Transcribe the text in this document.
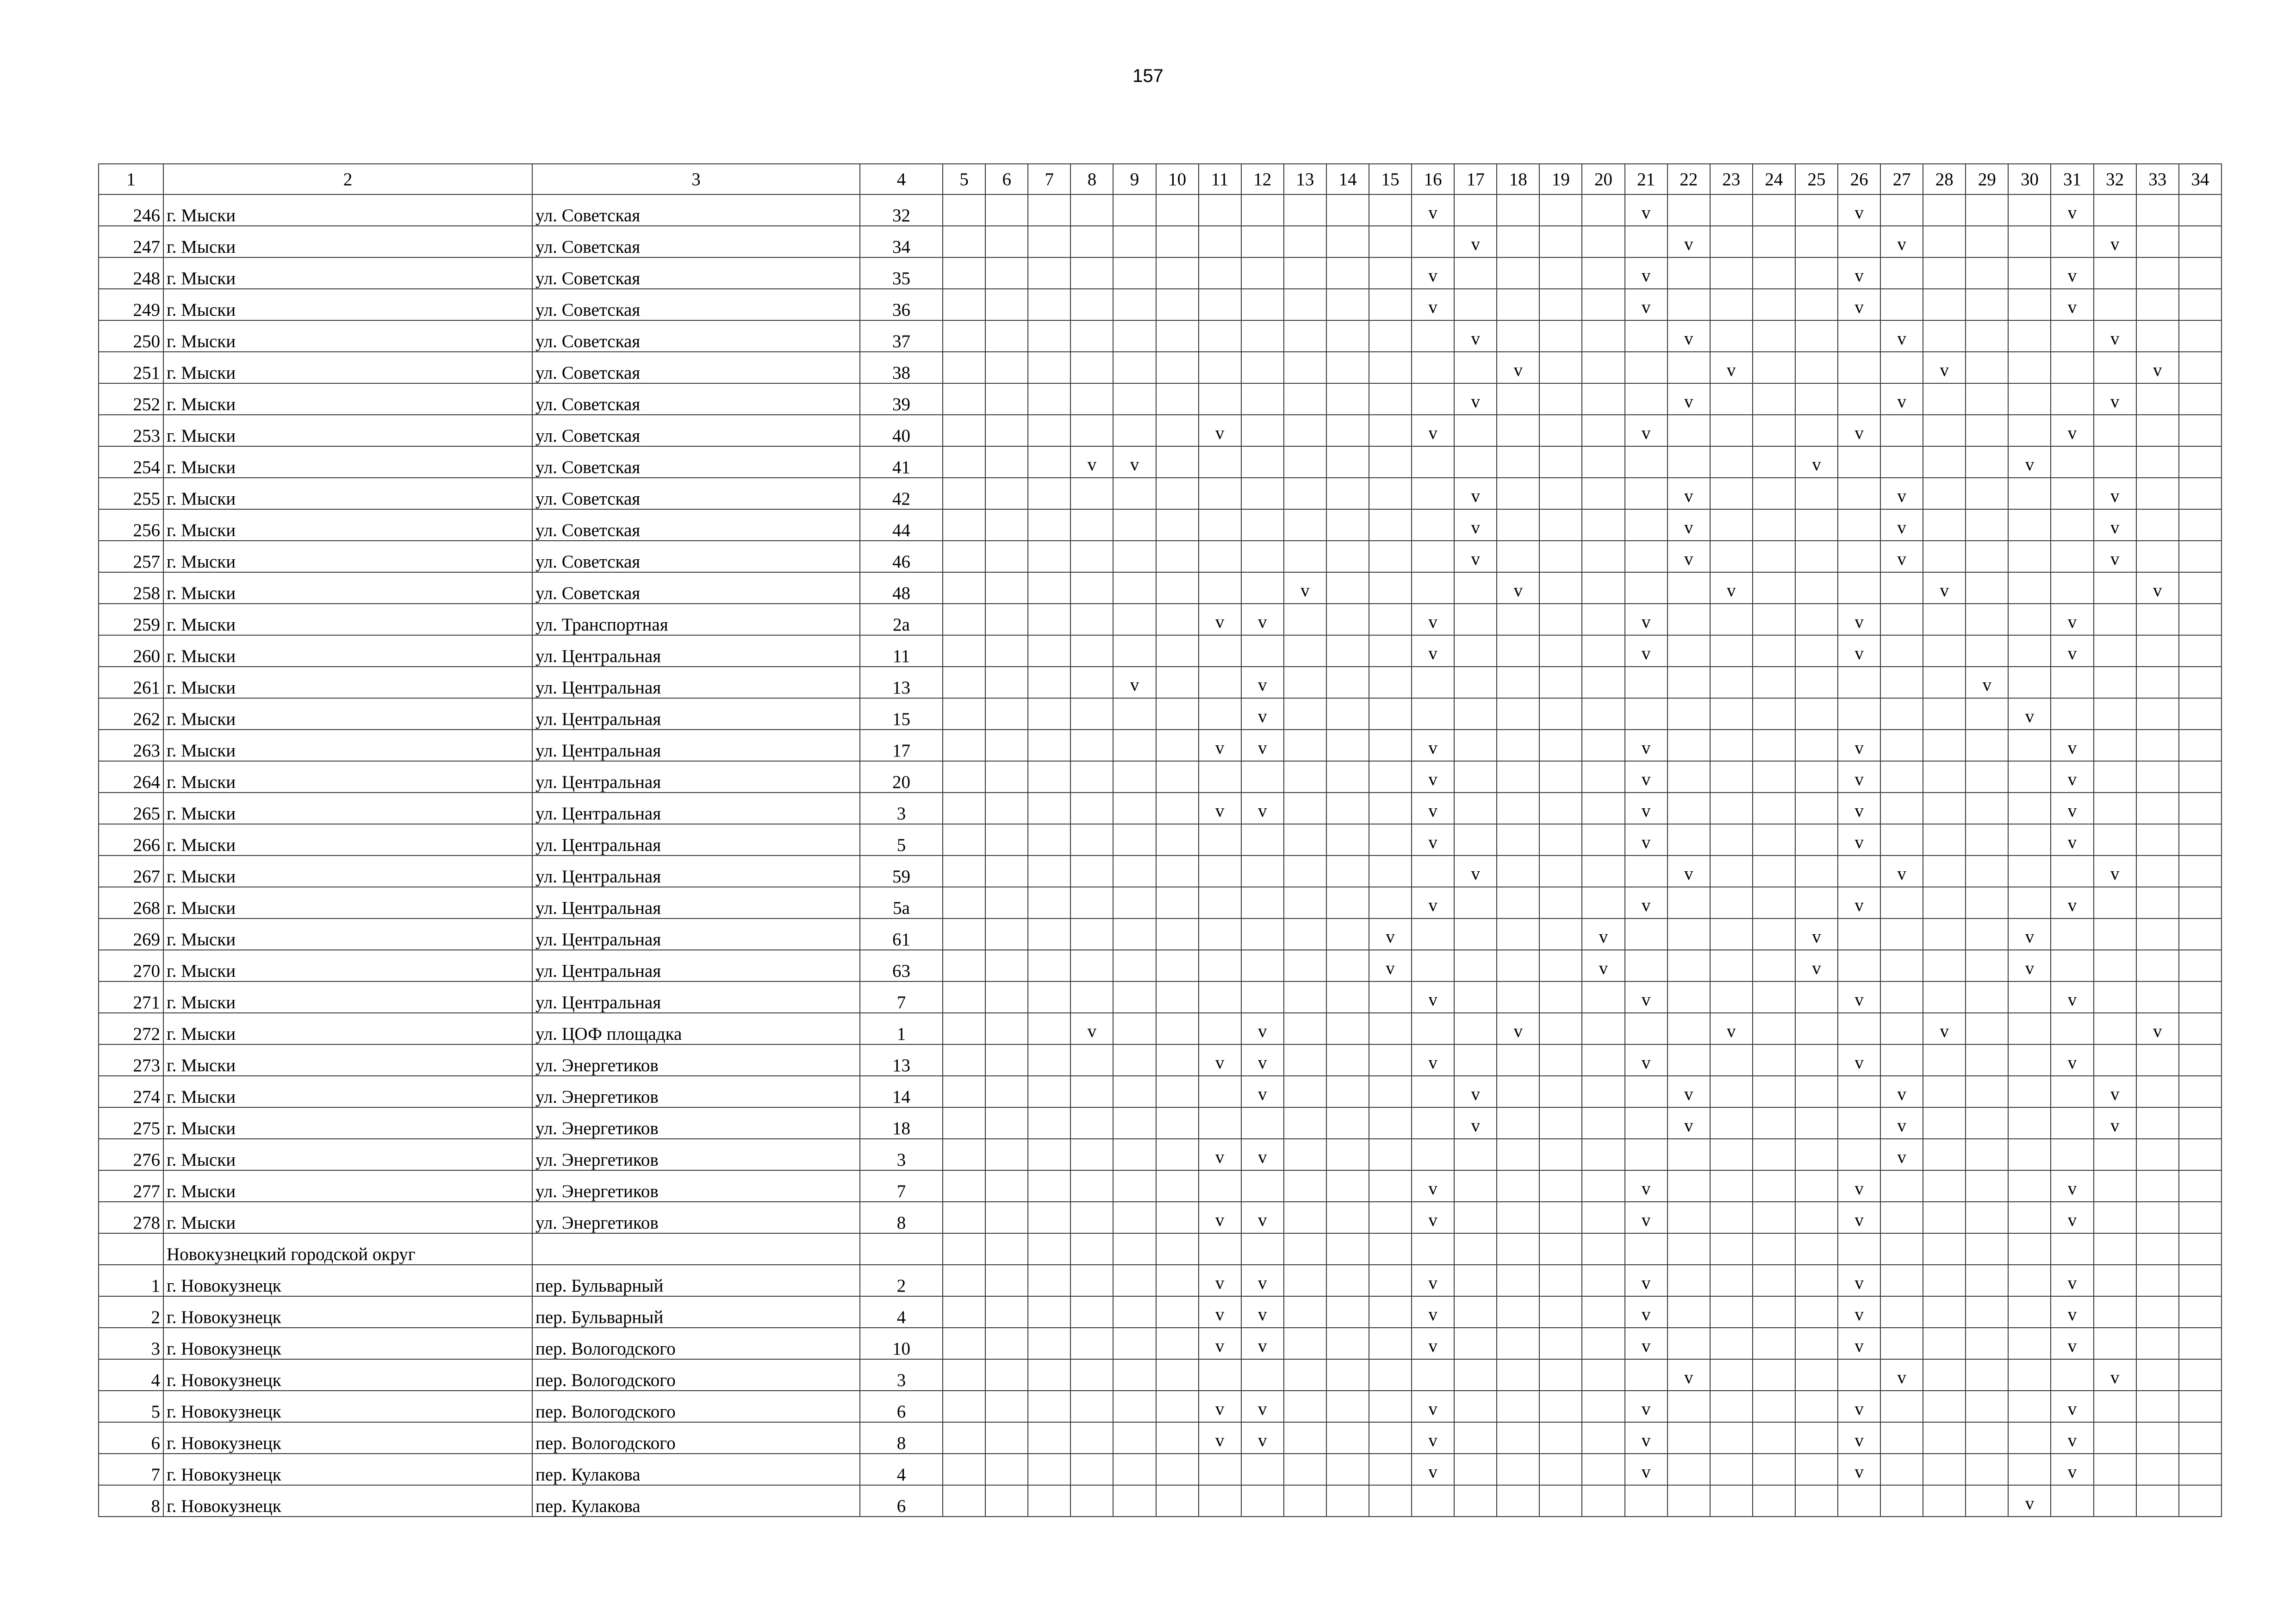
157
1	2	3	4	5	6	7	8	9	10	11	12	13	14	15	16	17	18	19	20	21	22	23	24	25	26	27	28	29	30	31	32	33	34
246	г. Мыски	ул. Советская	32												v					v					v					v			
247	г. Мыски	ул. Советская	34													v					v					v					v		
248	г. Мыски	ул. Советская	35												v					v					v					v			
249	г. Мыски	ул. Советская	36												v					v					v					v			
250	г. Мыски	ул. Советская	37													v					v					v					v		
251	г. Мыски	ул. Советская	38														v					v					v					v	
252	г. Мыски	ул. Советская	39													v					v					v					v		
253	г. Мыски	ул. Советская	40							v					v					v					v					v			
254	г. Мыски	ул. Советская	41				v	v																v					v				
255	г. Мыски	ул. Советская	42													v					v					v					v		
256	г. Мыски	ул. Советская	44													v					v					v					v		
257	г. Мыски	ул. Советская	46													v					v					v					v		
258	г. Мыски	ул. Советская	48									v					v					v					v					v	
259	г. Мыски	ул. Транспортная	2а							v	v				v					v					v					v			
260	г. Мыски	ул. Центральная	11												v					v					v					v			
261	г. Мыски	ул. Центральная	13					v			v																	v					
262	г. Мыски	ул. Центральная	15								v																		v				
263	г. Мыски	ул. Центральная	17							v	v				v					v					v					v			
264	г. Мыски	ул. Центральная	20												v					v					v					v			
265	г. Мыски	ул. Центральная	3							v	v				v					v					v					v			
266	г. Мыски	ул. Центральная	5												v					v					v					v			
267	г. Мыски	ул. Центральная	59													v					v					v					v		
268	г. Мыски	ул. Центральная	5а												v					v					v					v			
269	г. Мыски	ул. Центральная	61											v					v					v					v				
270	г. Мыски	ул. Центральная	63											v					v					v					v				
271	г. Мыски	ул. Центральная	7												v					v					v					v			
272	г. Мыски	ул. ЦОФ площадка	1				v				v						v					v					v					v	
273	г. Мыски	ул. Энергетиков	13							v	v				v					v					v					v			
274	г. Мыски	ул. Энергетиков	14								v					v					v					v					v		
275	г. Мыски	ул. Энергетиков	18													v					v					v					v		
276	г. Мыски	ул. Энергетиков	3							v	v															v							
277	г. Мыски	ул. Энергетиков	7												v					v					v					v			
278	г. Мыски	ул. Энергетиков	8							v	v				v					v					v					v			
	Новокузнецкий городской округ																																
1	г. Новокузнецк	пер. Бульварный	2							v	v				v					v					v					v			
2	г. Новокузнецк	пер. Бульварный	4							v	v				v					v					v					v			
3	г. Новокузнецк	пер. Вологодского	10							v	v				v					v					v					v			
4	г. Новокузнецк	пер. Вологодского	3																		v					v					v		
5	г. Новокузнецк	пер. Вологодского	6							v	v				v					v					v					v			
6	г. Новокузнецк	пер. Вологодского	8							v	v				v					v					v					v			
7	г. Новокузнецк	пер. Кулакова	4												v					v					v					v			
8	г. Новокузнецк	пер. Кулакова	6																										v				
